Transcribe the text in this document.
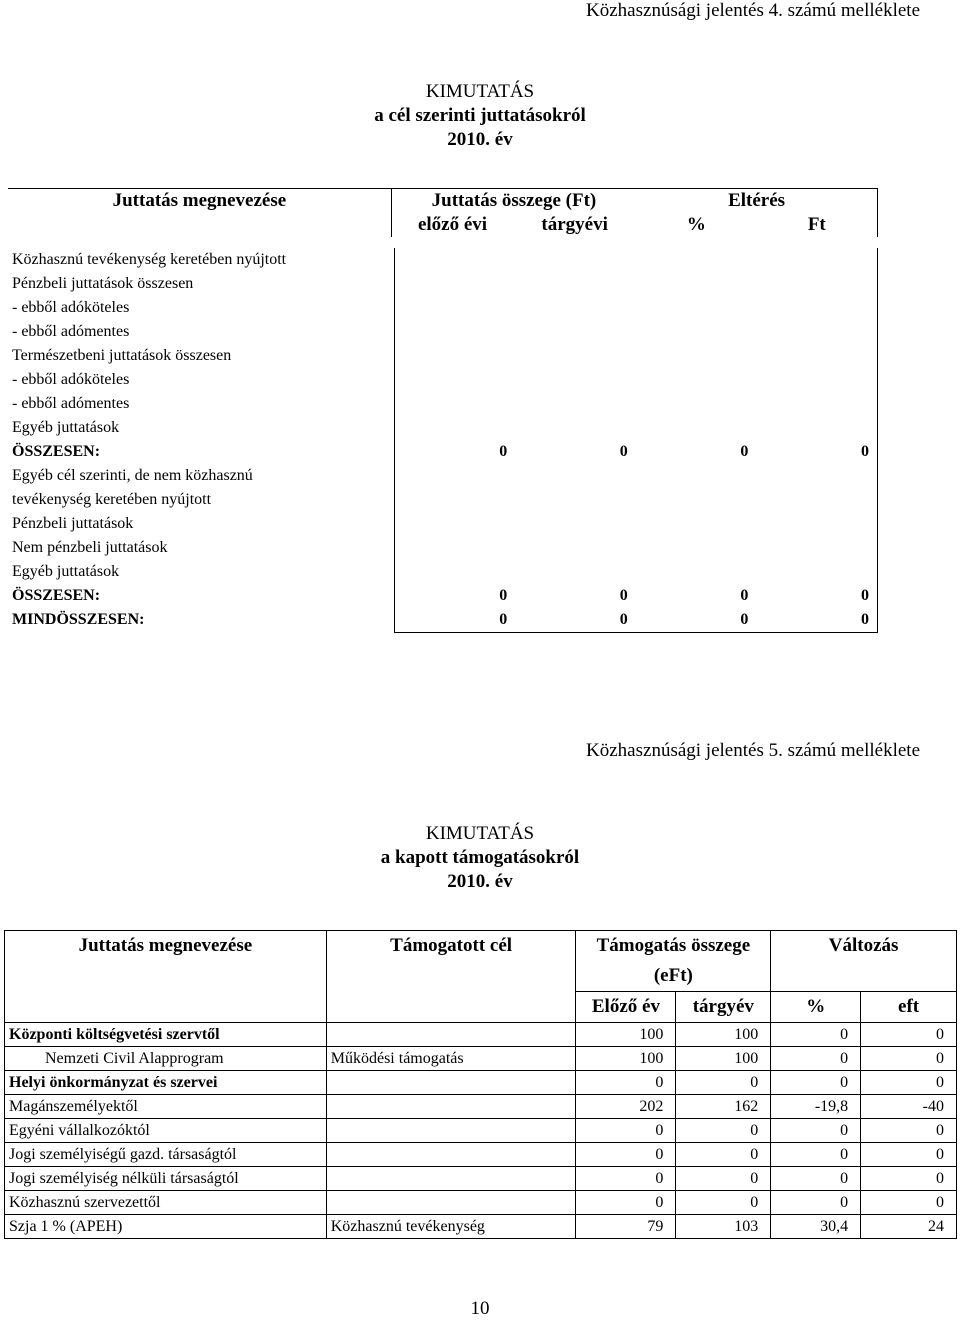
Közhasznúsági jelentés 4. számú melléklete
KIMUTATÁS
a cél szerinti juttatásokról
2010. év
Juttatás megnevezése	Juttatás összege (Ft)		Eltérés	
	előző évi	tárgyévi	%	Ft
Közhasznú tevékenység keretében nyújtott				
Pénzbeli juttatások összesen				
- ebből adóköteles				
- ebből adómentes				
Természetbeni juttatások összesen				
- ebből adóköteles				
- ebből adómentes				
Egyéb juttatások				
ÖSSZESEN:	0	0	0	0
Egyéb cél szerinti, de nem közhasznú				
tevékenység keretében nyújtott				
Pénzbeli juttatások				
Nem pénzbeli juttatások				
Egyéb juttatások				
ÖSSZESEN:	0	0	0	0
MINDÖSSZESEN:	0	0	0	0
Közhasznúsági jelentés 5. számú melléklete
KIMUTATÁS
a kapott támogatásokról
2010. év
Juttatás megnevezése	Támogatott cél	Támogatás összege (eFt)		Változás	
		Előző év	tárgyév	%	eft
Központi költségvetési szervtől		100	100	0	0
Nemzeti Civil Alapprogram	Működési támogatás	100	100	0	0
Helyi önkormányzat és szervei		0	0	0	0
Magánszemélyektől		202	162	-19,8	-40
Egyéni vállalkozóktól		0	0	0	0
Jogi személyiségű gazd. társaságtól		0	0	0	0
Jogi személyiség nélküli társaságtól		0	0	0	0
Közhasznú szervezettől		0	0	0	0
Szja 1 % (APEH)	Közhasznú tevékenység	79	103	30,4	24
10
